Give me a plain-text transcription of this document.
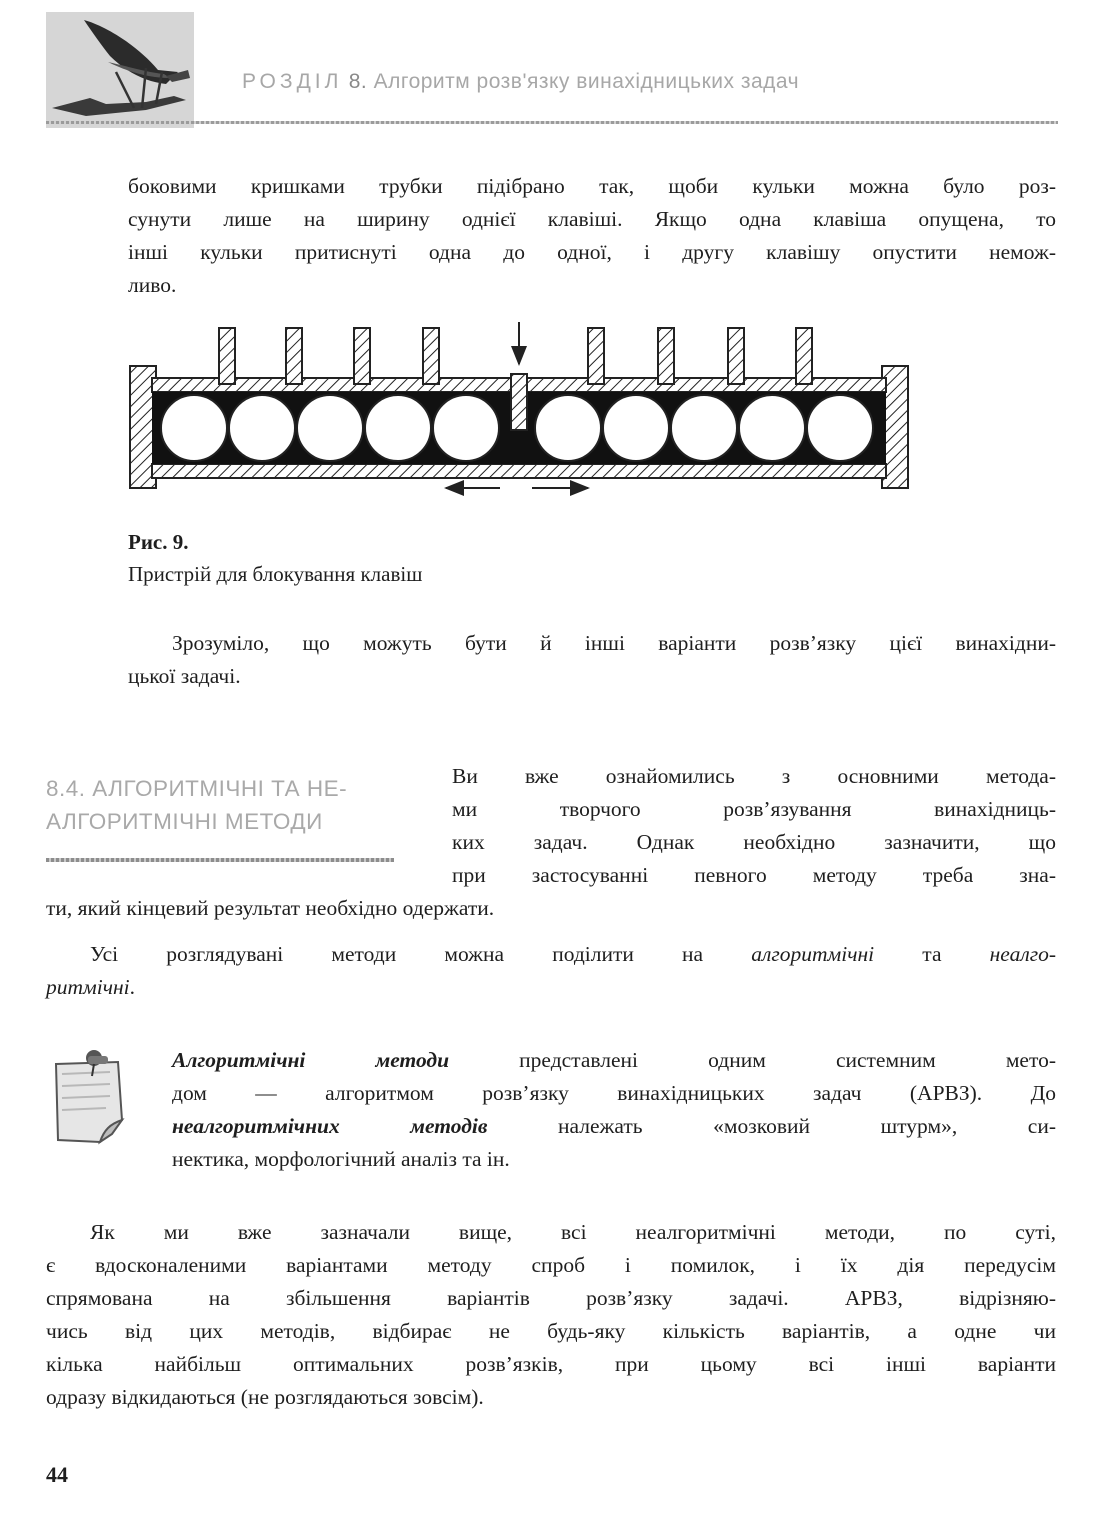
РОЗДІЛ 8. Алгоритм розв'язку винахідницьких задач

боковими кришками трубки підібрано так, щоби кульки можна було роз-

сунути лише на ширину однієї клавіші. Якщо одна клавіша опущена, то

інші кульки притиснуті одна до одної, і другу клавішу опустити немож-

ливо.

Рис. 9.
Пристрій для блокування клавіш

Зрозуміло, що можуть бути й інші варіанти розв’язку цієї винахідни-

цької задачі.

8.4. АЛГОРИТМІЧНІ ТА НЕ-
АЛГОРИТМІЧНІ МЕТОДИ

Ви вже ознайомились з основними метода-

ми творчого розв’язування винахідниць-

ких задач. Однак необхідно зазначити, що

при застосуванні певного методу треба зна-

ти, який кінцевий результат необхідно одержати.

Усі розглядувані методи можна поділити на алгоритмічні та неалго-

ритмічні.

Алгоритмічні методи представлені одним системним мето-

дом — алгоритмом розв’язку винахідницьких задач (АРВЗ). До

неалгоритмічних методів належать «мозковий штурм», си-

нектика, морфологічний аналіз та ін.

Як ми вже зазначали вище, всі неалгоритмічні методи, по суті,

є вдосконаленими варіантами методу спроб і помилок, і їх дія передусім

спрямована на збільшення варіантів розв’язку задачі. АРВЗ, відрізняю-

чись від цих методів, відбирає не будь-яку кількість варіантів, а одне чи

кілька найбільш оптимальних розв’язків, при цьому всі інші варіанти

одразу відкидаються (не розглядаються зовсім).

44
